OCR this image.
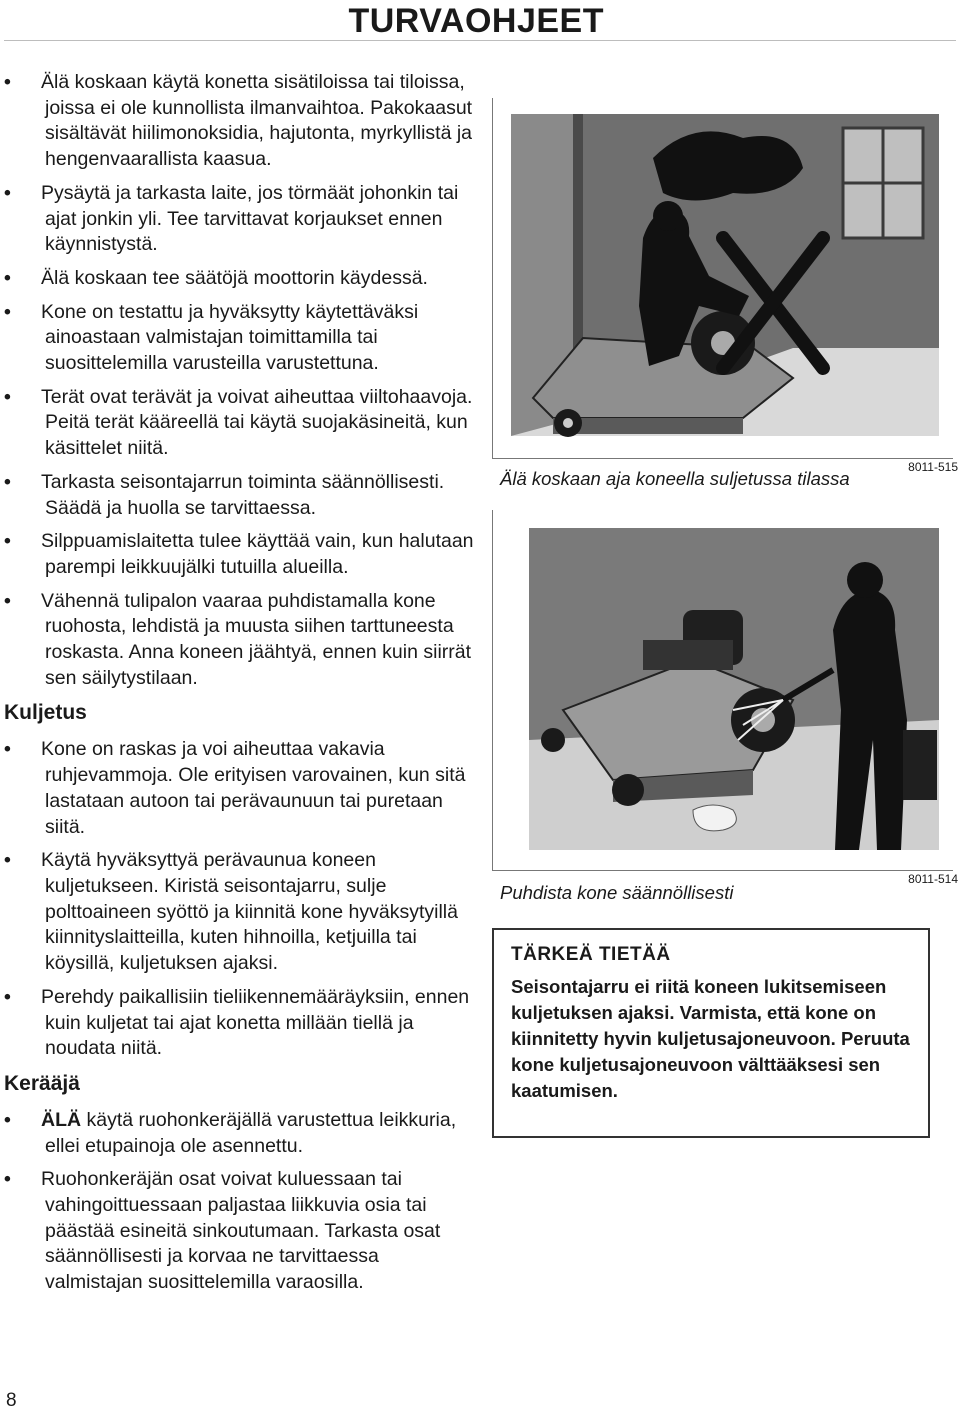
TURVAOHJEET
• Älä koskaan käytä konetta sisätiloissa tai tiloissa, joissa ei ole kunnollista ilmanvaihtoa. Pakokaasut sisältävät hiilimonoksidia, hajutonta, myrkyllistä ja hengenvaarallista kaasua.
• Pysäytä ja tarkasta laite, jos törmäät johonkin tai ajat jonkin yli. Tee tarvittavat korjaukset ennen käynnistystä.
• Älä koskaan tee säätöjä moottorin käydessä.
• Kone on testattu ja hyväksytty käytettäväksi ainoastaan valmistajan toimittamilla tai suosittelemilla varusteilla varustettuna.
• Terät ovat terävät ja voivat aiheuttaa viiltohaavoja. Peitä terät kääreellä tai käytä suojakäsineitä, kun käsittelet niitä.
• Tarkasta seisontajarrun toiminta säännöllisesti. Säädä ja huolla se tarvittaessa.
• Silppuamislaitetta tulee käyttää vain, kun halutaan parempi leikkuujälki tutuilla alueilla.
• Vähennä tulipalon vaaraa puhdistamalla kone ruohosta, lehdistä ja muusta siihen tarttuneesta roskasta. Anna koneen jäähtyä, ennen kuin siirrät sen säilytystilaan.
Kuljetus
• Kone on raskas ja voi aiheuttaa vakavia ruhjevammoja. Ole erityisen varovainen, kun sitä lastataan autoon tai perävaunuun tai puretaan siitä.
• Käytä hyväksyttyä perävaunua koneen kuljetukseen. Kiristä seisontajarru, sulje polttoaineen syöttö ja kiinnitä kone hyväksytyillä kiinnityslaitteilla, kuten hihnoilla, ketjuilla tai köysillä, kuljetuksen ajaksi.
• Perehdy paikallisiin tieliikennemääräyksiin, ennen kuin kuljetat tai ajat konetta millään tiellä ja noudata niitä.
Kerääjä
• ÄLÄ käytä ruohonkeräjällä varustettua leikkuria, ellei etupainoja ole asennettu.
• Ruohonkeräjän osat voivat kuluessaan tai vahingoittuessaan paljastaa liikkuvia osia tai päästää esineitä sinkoutumaan. Tarkasta osat säännöllisesti ja korvaa ne tarvittaessa valmistajan suosittelemilla varaosilla.
Älä koskaan aja koneella suljetussa tilassa
8011-515
Puhdista kone säännöllisesti
8011-514
TÄRKEÄ TIETÄÄ

Seisontajarru ei riitä koneen lukitsemiseen kuljetuksen ajaksi. Varmista, että kone on kiinnitetty hyvin kuljetusajoneuvoon. Peruuta kone kuljetusajoneuvoon välttääksesi sen kaatumisen.

8
